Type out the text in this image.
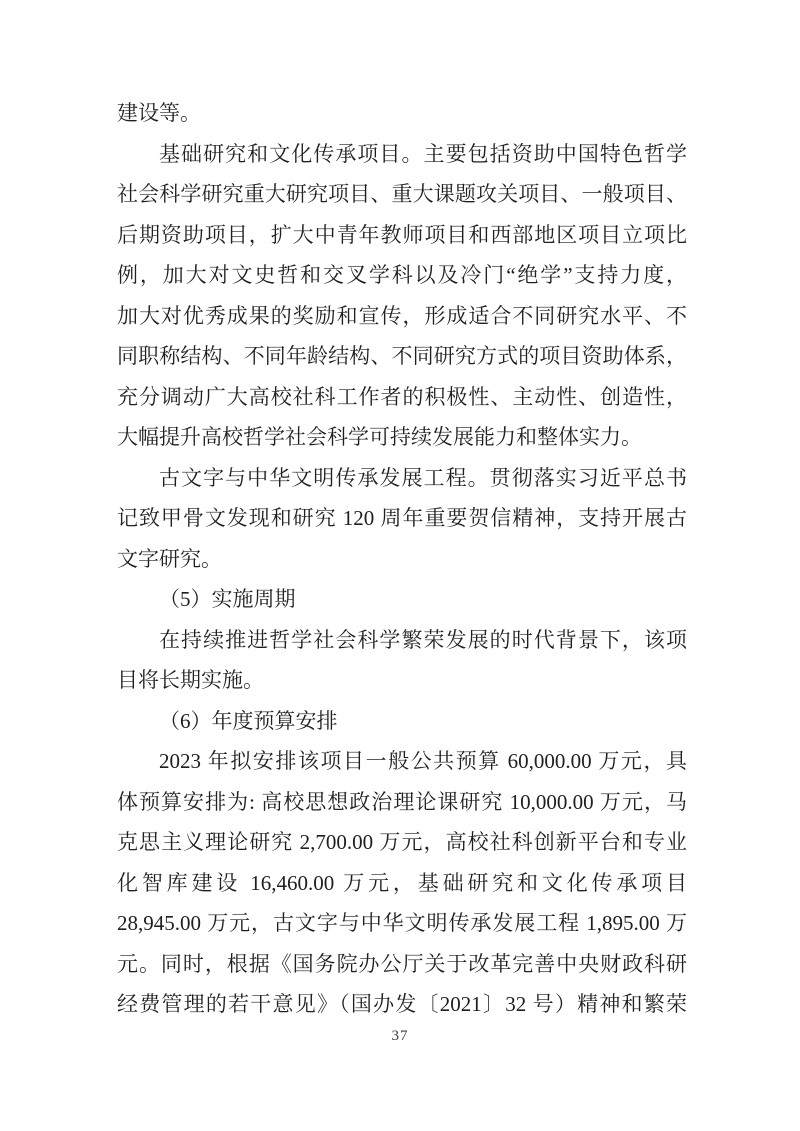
建设等。
基础研究和文化传承项目。主要包括资助中国特色哲学
社会科学研究重大研究项目、重大课题攻关项目、一般项目、
后期资助项目，扩大中青年教师项目和西部地区项目立项比
例，加大对文史哲和交叉学科以及冷门“绝学”支持力度，
加大对优秀成果的奖励和宣传，形成适合不同研究水平、不
同职称结构、不同年龄结构、不同研究方式的项目资助体系，
充分调动广大高校社科工作者的积极性、主动性、创造性，
大幅提升高校哲学社会科学可持续发展能力和整体实力。
古文字与中华文明传承发展工程。贯彻落实习近平总书
记致甲骨文发现和研究 120 周年重要贺信精神，支持开展古
文字研究。
（5）实施周期
在持续推进哲学社会科学繁荣发展的时代背景下，该项
目将长期实施。
（6）年度预算安排
2023 年拟安排该项目一般公共预算 60,000.00 万元，具
体预算安排为: 高校思想政治理论课研究 10,000.00 万元，马
克思主义理论研究 2,700.00 万元，高校社科创新平台和专业
化智库建设 16,460.00 万元，基础研究和文化传承项目
28,945.00 万元，古文字与中华文明传承发展工程 1,895.00 万
元。同时，根据《国务院办公厅关于改革完善中央财政科研
经费管理的若干意见》（国办发〔2021〕32 号）精神和繁荣
37
